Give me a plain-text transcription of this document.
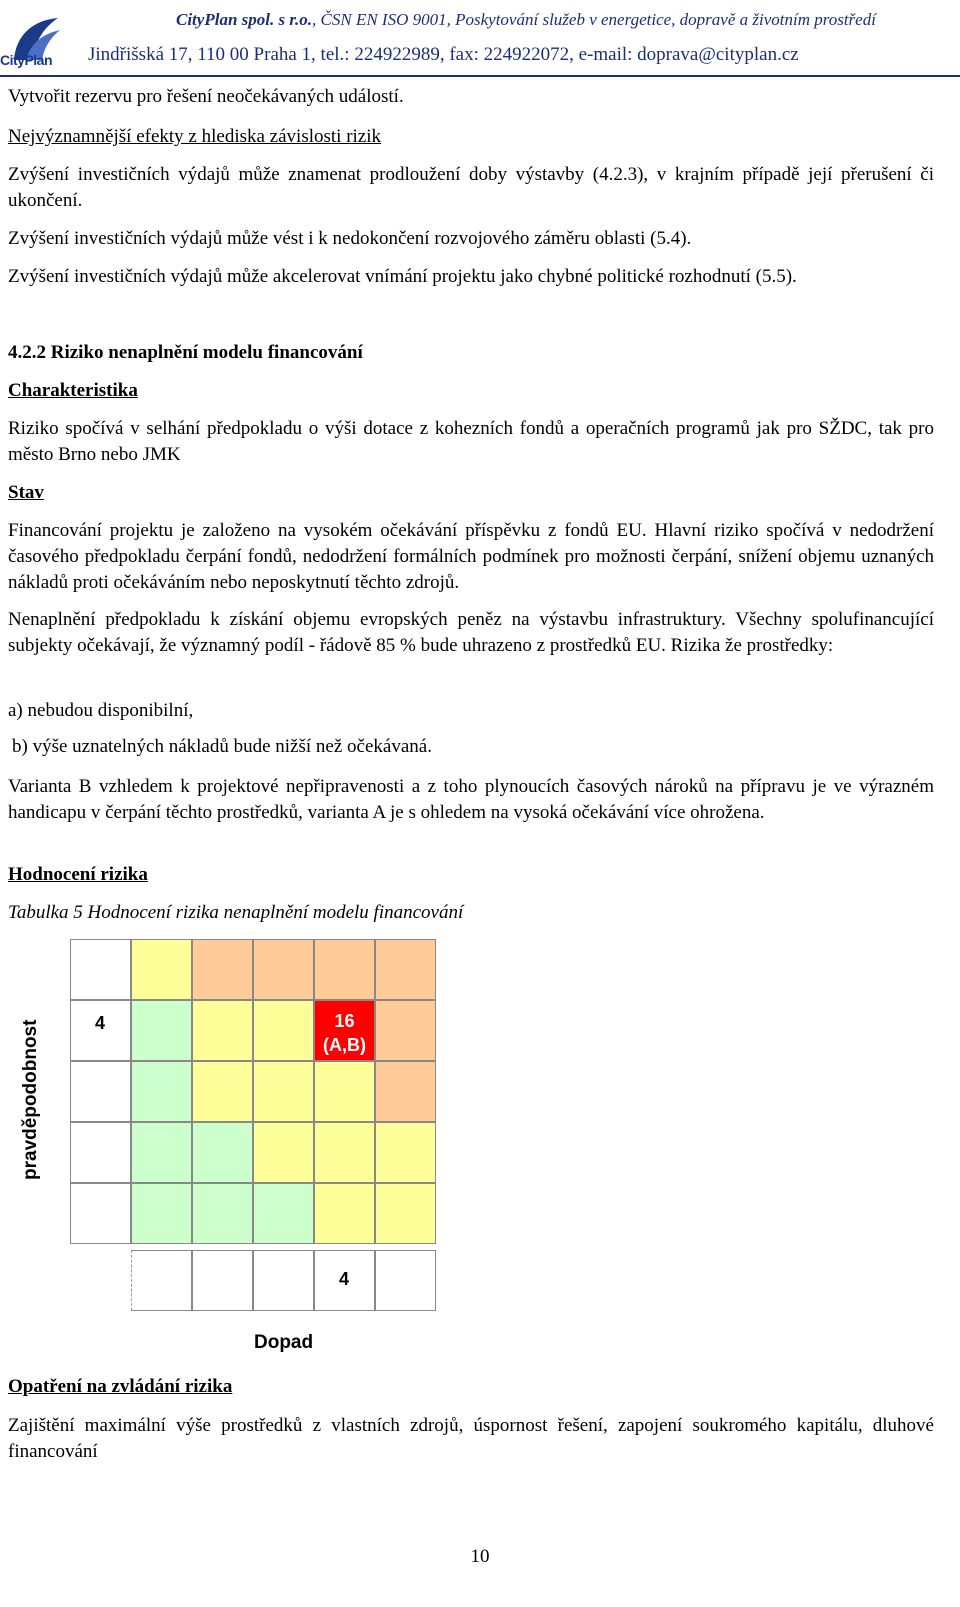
CityPlan
CityPlan spol. s r.o., ČSN EN ISO 9001, Poskytování služeb v energetice, dopravě a životním prostředí
Jindřišská 17, 110 00 Praha 1, tel.: 224922989, fax: 224922072, e-mail: doprava@cityplan.cz
Vytvořit rezervu pro řešení neočekávaných událostí.
Nejvýznamnější efekty z hlediska závislosti rizik
Zvýšení investičních výdajů může znamenat prodloužení doby výstavby (4.2.3), v krajním případě její přerušení či ukončení.
Zvýšení investičních výdajů může vést i k nedokončení rozvojového záměru oblasti (5.4).
Zvýšení investičních výdajů může akcelerovat vnímání projektu jako chybné politické rozhodnutí (5.5).
4.2.2 Riziko nenaplnění modelu financování
Charakteristika
Riziko spočívá v selhání předpokladu o výši dotace z kohezních fondů a operačních programů jak pro SŽDC, tak pro město Brno nebo JMK
Stav
Financování projektu je založeno na vysokém očekávání příspěvku z fondů EU. Hlavní riziko spočívá v nedodržení časového předpokladu čerpání fondů, nedodržení formálních podmínek pro možnosti čerpání, snížení objemu uznaných nákladů proti očekáváním nebo neposkytnutí těchto zdrojů.
Nenaplnění předpokladu k získání objemu evropských peněz na výstavbu infrastruktury. Všechny spolufinancující subjekty očekávají, že významný podíl - řádově 85 % bude uhrazeno z prostředků EU. Rizika že prostředky:
a) nebudou disponibilní,
b) výše uznatelných nákladů bude nižší než očekávaná.
Varianta B vzhledem k projektové nepřipravenosti a z toho plynoucích časových nároků na přípravu je ve výrazném handicapu v čerpání těchto prostředků, varianta A je s ohledem na vysoká očekávání více ohrožena.
Hodnocení rizika
Tabulka 5 Hodnocení rizika nenaplnění modelu financování
4	16
(A,B)
4
pravděpodobnost
Dopad
Opatření na zvládání rizika
Zajištění maximální výše prostředků z vlastních zdrojů, úspornost řešení, zapojení soukromého kapitálu, dluhové financování
10
